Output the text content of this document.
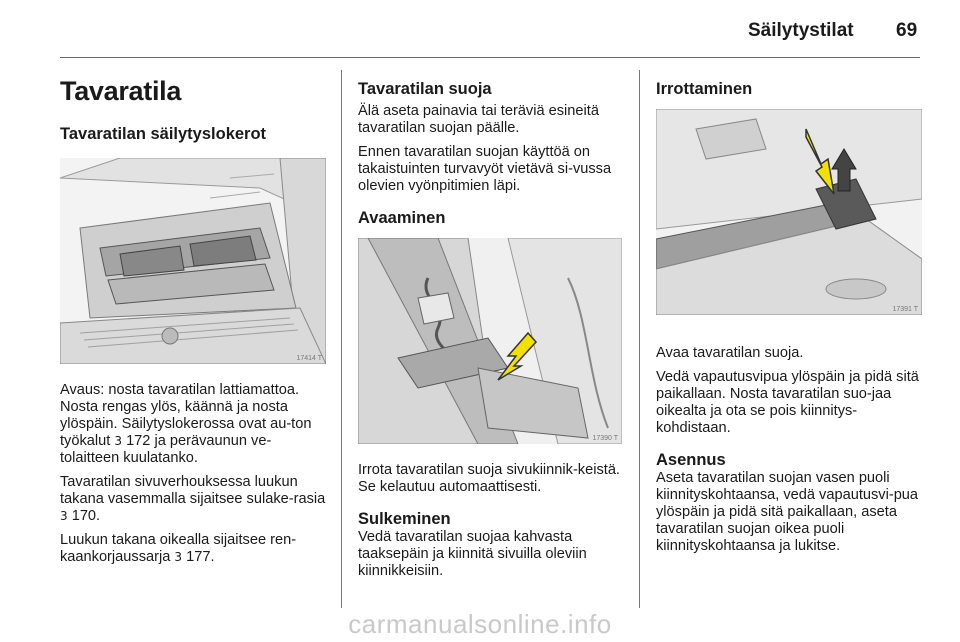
Säilytystilat 69
Tavaratila
Tavaratilan säilytyslokerot
17414 T

Avaus: nosta tavaratilan lattiamattoa. Nosta rengas ylös, käännä ja nosta ylöspäin. Säilytyslokerossa ovat au-ton työkalut 3 172 ja perävaunun ve-tolaitteen kuulatanko.

Tavaratilan sivuverhouksessa luukun takana vasemmalla sijaitsee sulake-rasia 3 170.

Luukun takana oikealla sijaitsee ren-kaankorjaussarja 3 177.

Tavaratilan suoja

Älä aseta painavia tai teräviä esineitä tavaratilan suojan päälle.

Ennen tavaratilan suojan käyttöä on takaistuinten turvavyöt vietävä si-vussa olevien vyönpitimien läpi.

Avaaminen
17390 T

Irrota tavaratilan suoja sivukiinnik-keistä. Se kelautuu automaattisesti.

Sulkeminen

Vedä tavaratilan suojaa kahvasta taaksepäin ja kiinnitä sivuilla oleviin kiinnikkeisiin.

Irrottaminen
17391 T

Avaa tavaratilan suoja.

Vedä vapautusvipua ylöspäin ja pidä sitä paikallaan. Nosta tavaratilan suo-jaa oikealta ja ota se pois kiinnitys-kohdistaan.

Asennus

Aseta tavaratilan suojan vasen puoli kiinnityskohtaansa, vedä vapautusvi-pua ylöspäin ja pidä sitä paikallaan, aseta tavaratilan suojan oikea puoli kiinnityskohtaansa ja lukitse.

carmanualsonline.info
